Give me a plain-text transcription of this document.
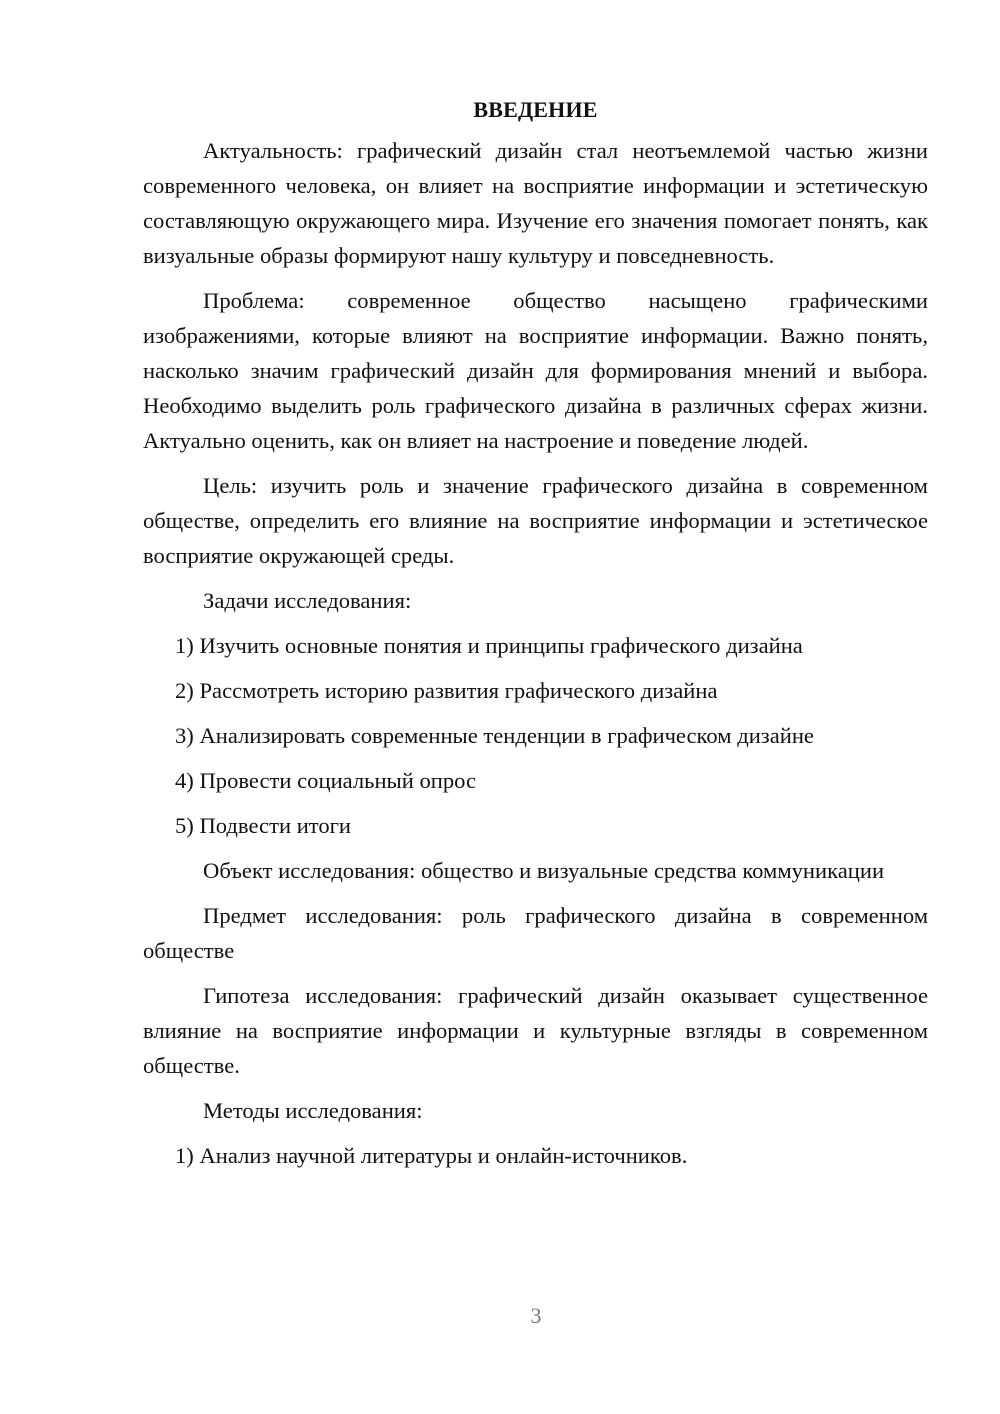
ВВЕДЕНИЕ

Актуальность: графический дизайн стал неотъемлемой частью жизни современного человека, он влияет на восприятие информации и эстетическую составляющую окружающего мира. Изучение его значения помогает понять, как визуальные образы формируют нашу культуру и повседневность.

Проблема: современное общество насыщено графическими изображениями, которые влияют на восприятие информации. Важно понять, насколько значим графический дизайн для формирования мнений и выбора. Необходимо выделить роль графического дизайна в различных сферах жизни. Актуально оценить, как он влияет на настроение и поведение людей.

Цель: изучить роль и значение графического дизайна в современном обществе, определить его влияние на восприятие информации и эстетическое восприятие окружающей среды.

Задачи исследования:

1) Изучить основные понятия и принципы графического дизайна

2) Рассмотреть историю развития графического дизайна

3) Анализировать современные тенденции в графическом дизайне

4) Провести социальный опрос

5) Подвести итоги

Объект исследования: общество и визуальные средства коммуникации

Предмет исследования: роль графического дизайна в современном обществе

Гипотеза исследования: графический дизайн оказывает существенное влияние на восприятие информации и культурные взгляды в современном обществе.

Методы исследования:

1) Анализ научной литературы и онлайн-источников.

3
